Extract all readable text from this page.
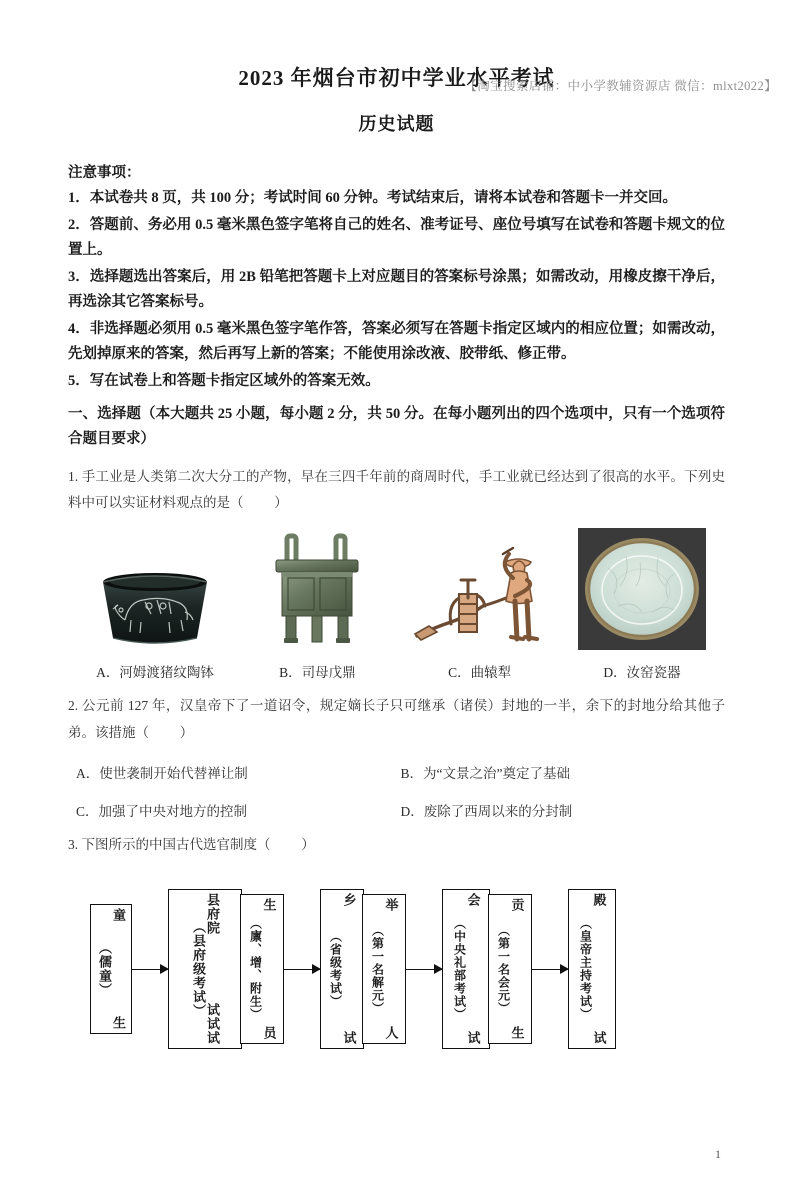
【淘宝搜索店铺：中小学教辅资源店 微信：mlxt2022】
2023 年烟台市初中学业水平考试
历史试题
注意事项：
1．本试卷共 8 页，共 100 分；考试时间 60 分钟。考试结束后，请将本试卷和答题卡一并交回。
2．答题前、务必用 0.5 毫米黑色签字笔将自己的姓名、准考证号、座位号填写在试卷和答题卡规文的位置上。
3．选择题选出答案后，用 2B 铅笔把答题卡上对应题目的答案标号涂黑；如需改动，用橡皮擦干净后，再选涂其它答案标号。
4．非选择题必须用 0.5 毫米黑色签字笔作答，答案必须写在答题卡指定区域内的相应位置；如需改动，先划掉原来的答案，然后再写上新的答案；不能使用涂改液、胶带纸、修正带。
5．写在试卷上和答题卡指定区域外的答案无效。
一、选择题（本大题共 25 小题，每小题 2 分，共 50 分。在每小题列出的四个选项中，只有一个选项符合题目要求）
1. 手工业是人类第二次大分工的产物，早在三四千年前的商周时代，手工业就已经达到了很高的水平。下列史料中可以实证材料观点的是（ ）
A．河姆渡猪纹陶钵	B．司母戊鼎	C．曲辕犁	D．汝窑瓷器
2. 公元前 127 年，汉皇帝下了一道诏令，规定嫡长子只可继承（诸侯）封地的一半，余下的封地分给其他子弟。该措施（ ）
A．使世袭制开始代替禅让制	B．为“文景之治”奠定了基础
C．加强了中央对地方的控制	D．废除了西周以来的分封制
3. 下图所示的中国古代选官制度（ ）
童
生
（儒童）
县府院
试试试
（县府级考试）
生
员
（廪、增、附生）
乡
试
（省级考试）
举
人
（第一名解元）
会
试
（中央礼部考试）
贡
生
（第一名会元）
殿
试
（皇帝主持考试）
1
